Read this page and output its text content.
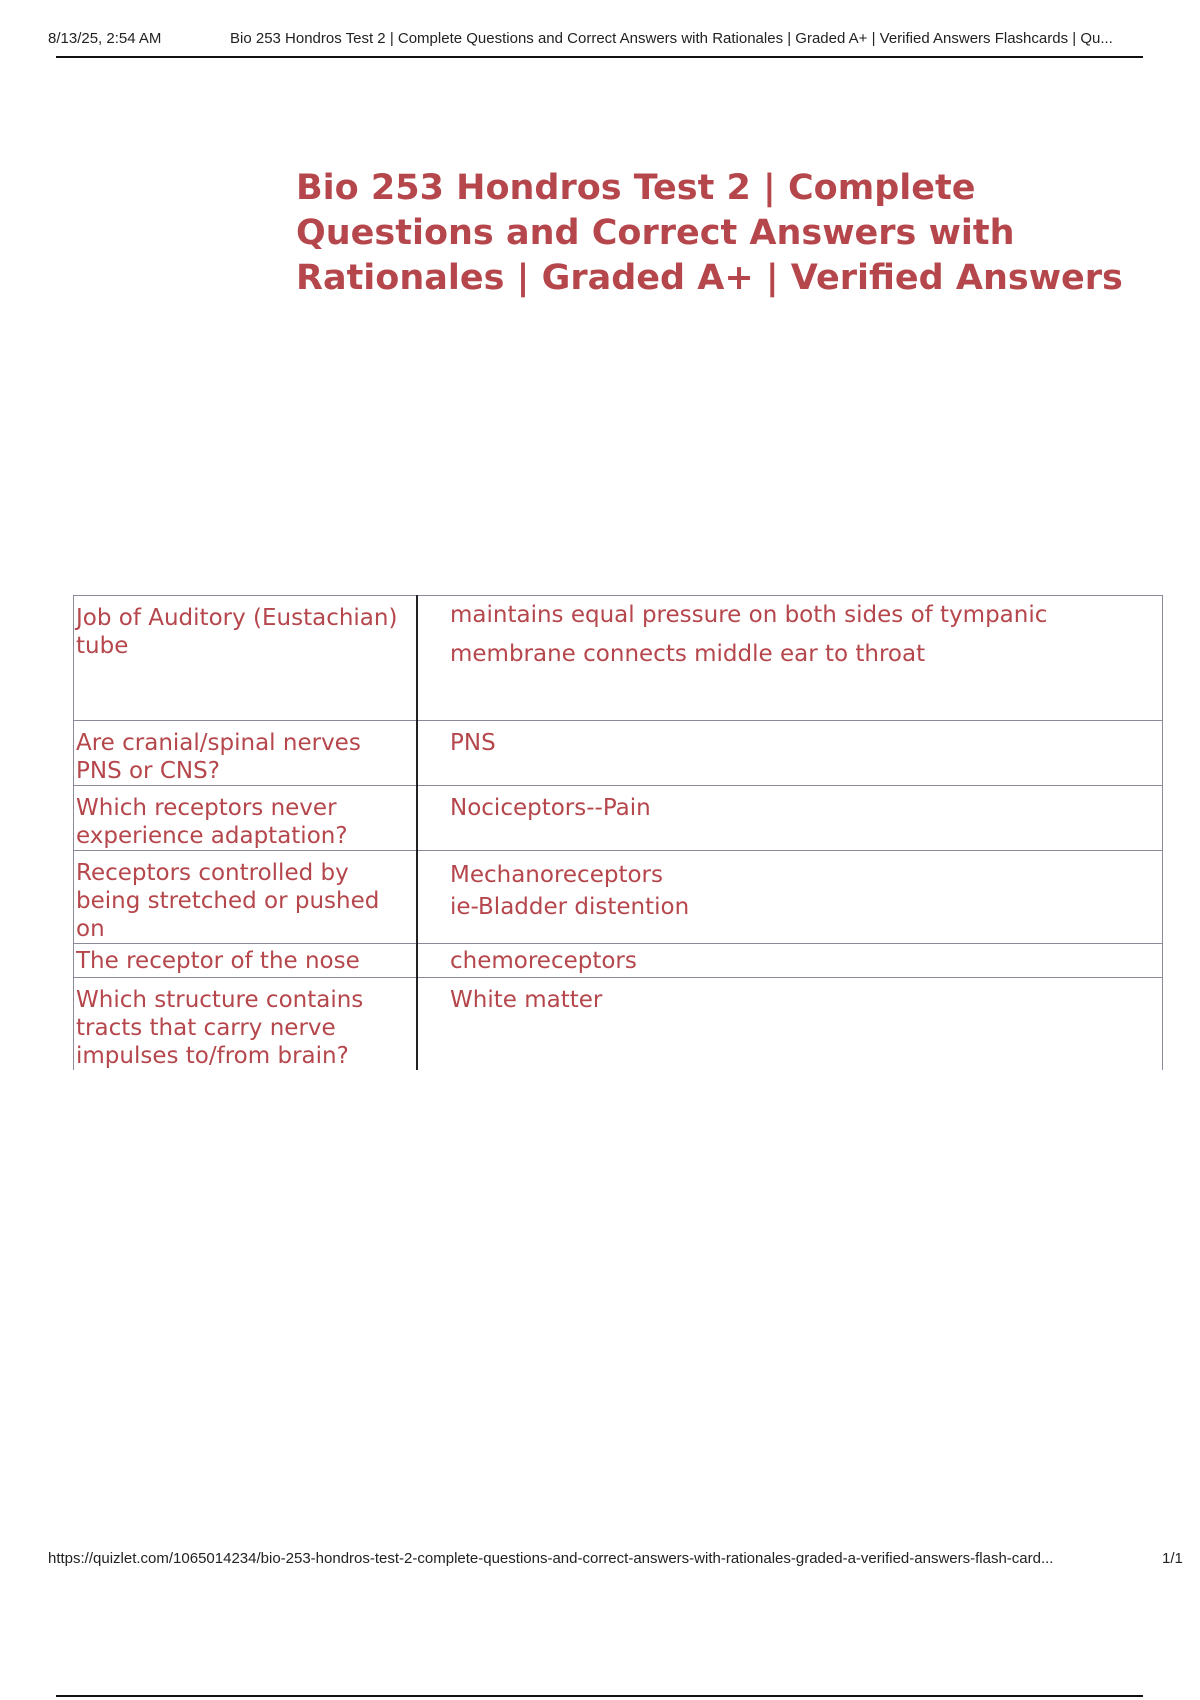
8/13/25, 2:54 AM	Bio 253 Hondros Test 2 | Complete Questions and Correct Answers with Rationales | Graded A+ | Verified Answers Flashcards | Qu...
Bio 253 Hondros Test 2 | Complete Questions and Correct Answers with Rationales | Graded A+ | Verified Answers
Job of Auditory (Eustachian) tube	maintains equal pressure on both sides of tympanic membrane connects middle ear to throat
Are cranial/spinal nerves PNS or CNS?	PNS
Which receptors never experience adaptation?	Nociceptors--Pain
Receptors controlled by being stretched or pushed on	Mechanoreceptors
ie-Bladder distention
The receptor of the nose	chemoreceptors
Which structure contains tracts that carry nerve impulses to/from brain?	White matter
https://quizlet.com/1065014234/bio-253-hondros-test-2-complete-questions-and-correct-answers-with-rationales-graded-a-verified-answers-flash-card...	1/1
